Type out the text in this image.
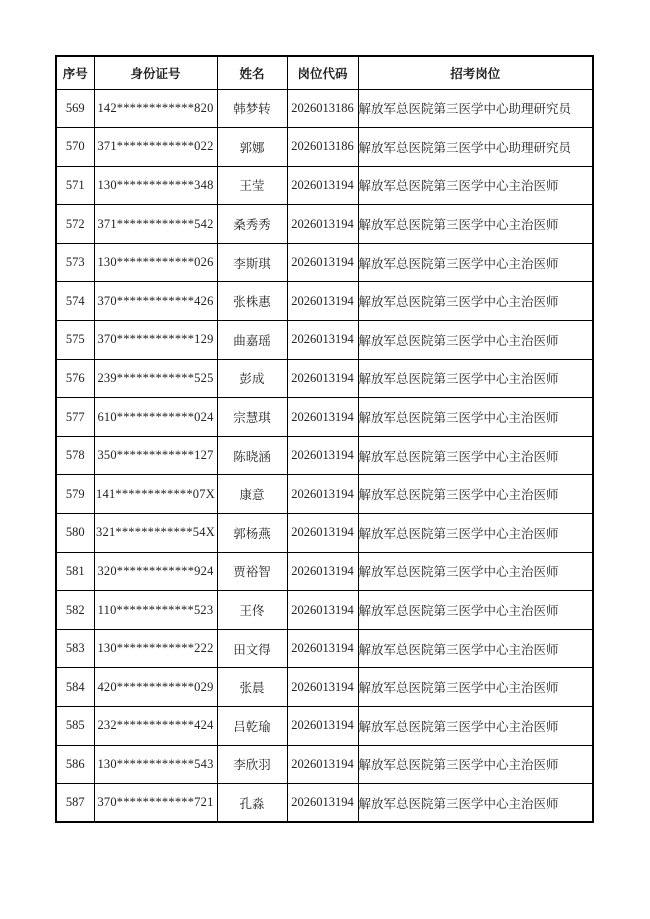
序号	身份证号	姓名	岗位代码	招考岗位
569	142************820	韩梦转	2026013186	解放军总医院第三医学中心助理研究员
570	371************022	郭娜	2026013186	解放军总医院第三医学中心助理研究员
571	130************348	王莹	2026013194	解放军总医院第三医学中心主治医师
572	371************542	桑秀秀	2026013194	解放军总医院第三医学中心主治医师
573	130************026	李斯琪	2026013194	解放军总医院第三医学中心主治医师
574	370************426	张株惠	2026013194	解放军总医院第三医学中心主治医师
575	370************129	曲嘉瑶	2026013194	解放军总医院第三医学中心主治医师
576	239************525	彭成	2026013194	解放军总医院第三医学中心主治医师
577	610************024	宗慧琪	2026013194	解放军总医院第三医学中心主治医师
578	350************127	陈晓涵	2026013194	解放军总医院第三医学中心主治医师
579	141************07X	康意	2026013194	解放军总医院第三医学中心主治医师
580	321************54X	郭杨燕	2026013194	解放军总医院第三医学中心主治医师
581	320************924	贾裕智	2026013194	解放军总医院第三医学中心主治医师
582	110************523	王佟	2026013194	解放军总医院第三医学中心主治医师
583	130************222	田文得	2026013194	解放军总医院第三医学中心主治医师
584	420************029	张晨	2026013194	解放军总医院第三医学中心主治医师
585	232************424	吕乾瑜	2026013194	解放军总医院第三医学中心主治医师
586	130************543	李欣羽	2026013194	解放军总医院第三医学中心主治医师
587	370************721	孔淼	2026013194	解放军总医院第三医学中心主治医师
